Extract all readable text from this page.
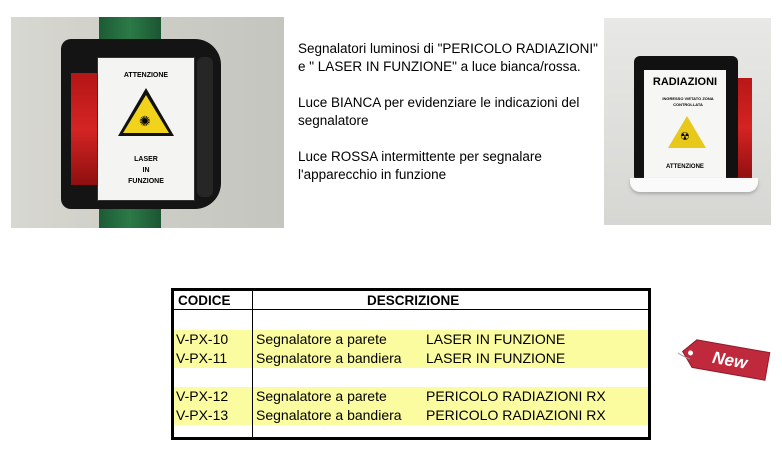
ATTENZIONE
✺
LASER
IN
FUNZIONE

Segnalatori luminosi di "PERICOLO RADIAZIONI" e " LASER IN FUNZIONE" a luce bianca/rossa.

Luce BIANCA per evidenziare le indicazioni del segnalatore

Luce ROSSA intermittente per segnalare l'apparecchio in funzione

RADIAZIONI
INGRESSO VIETATO ZONA CONTROLLATA
☢
ATTENZIONE
CODICE	DESCRIZIONE
V-PX-10 Segnalatore a parete	LASER IN FUNZIONE
V-PX-11 Segnalatore a bandiera LASER IN FUNZIONE
V-PX-12 Segnalatore a parete	PERICOLO RADIAZIONI RX
V-PX-13 Segnalatore a bandiera PERICOLO RADIAZIONI RX
New
